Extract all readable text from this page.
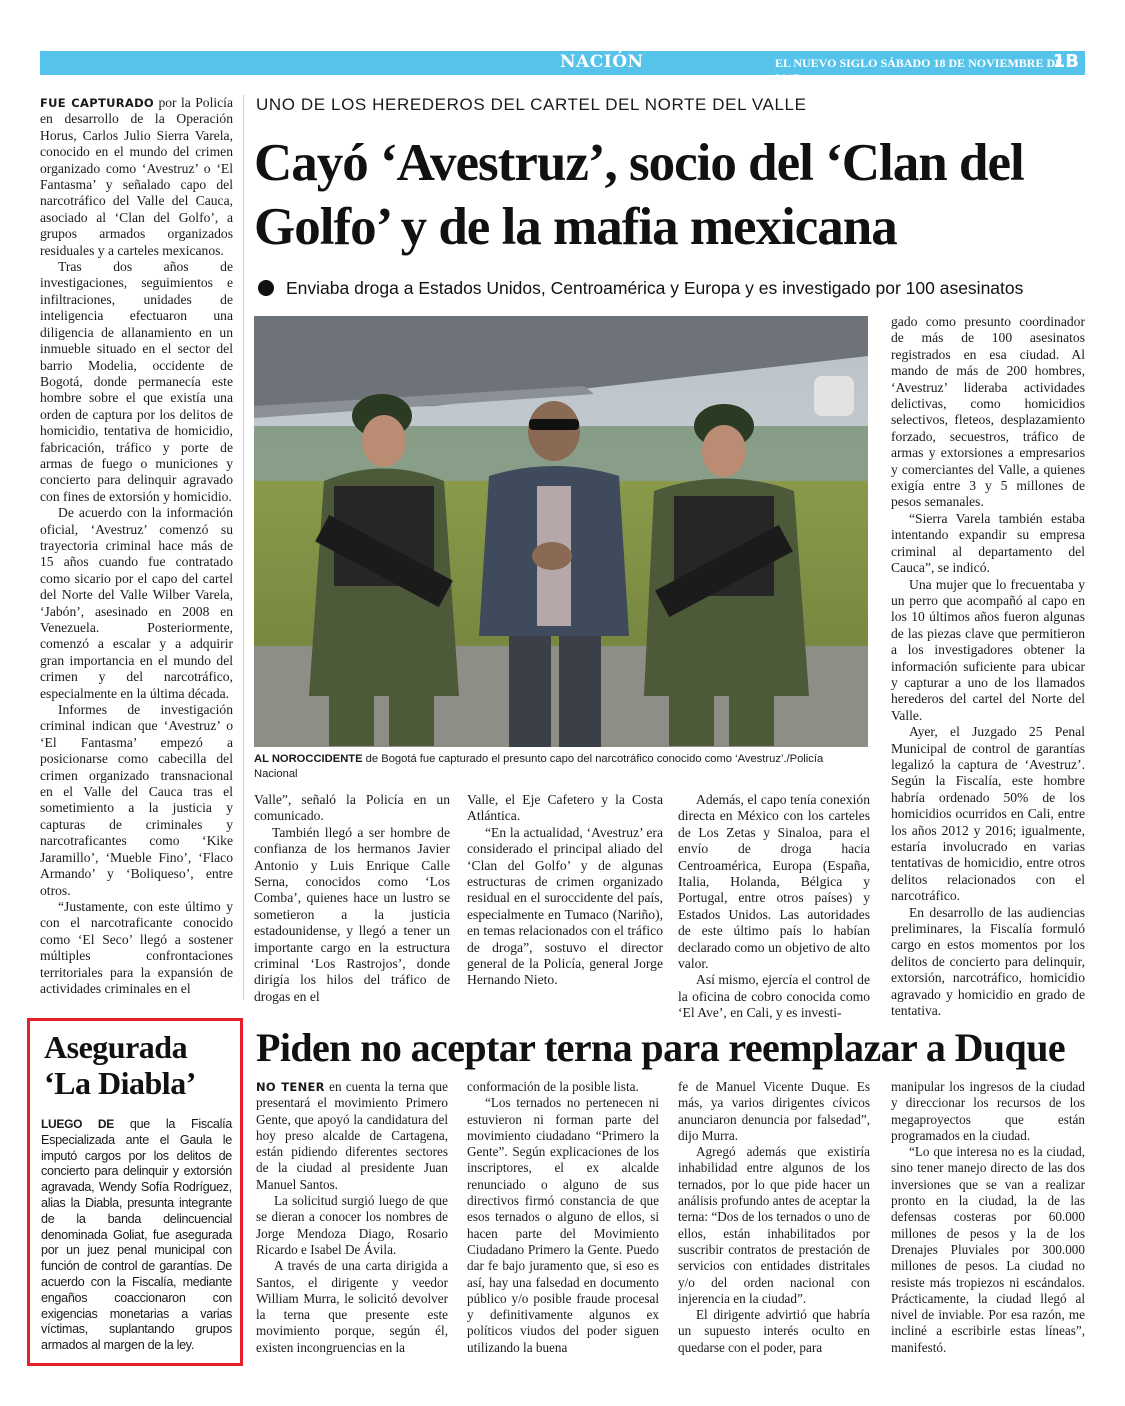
NACIÓN	EL NUEVO SIGLO SÁBADO 18 DE NOVIEMBRE DE 2017
1B

FUE CAPTURADO por la Policía en desarrollo de la Operación Horus, Carlos Julio Sierra Varela, conocido en el mundo del crimen organizado como ‘Avestruz’ o ‘El Fantasma’ y señalado capo del narcotráfico del Valle del Cauca, asociado al ‘Clan del Golfo’, a grupos armados organizados residuales y a carteles mexicanos.

Tras dos años de investigaciones, seguimientos e infiltraciones, unidades de inteligencia efectuaron una diligencia de allanamiento en un inmueble situado en el sector del barrio Modelia, occidente de Bogotá, donde permanecía este hombre sobre el que existía una orden de captura por los delitos de homicidio, tentativa de homicidio, fabricación, tráfico y porte de armas de fuego o municiones y concierto para delinquir agravado con fines de extorsión y homicidio.

De acuerdo con la información oficial, ‘Avestruz’ comenzó su trayectoria criminal hace más de 15 años cuando fue contratado como sicario por el capo del cartel del Norte del Valle Wilber Varela, ‘Jabón’, asesinado en 2008 en Venezuela. Posteriormente, comenzó a escalar y a adquirir gran importancia en el mundo del crimen y del narcotráfico, especialmente en la última década.

Informes de investigación criminal indican que ‘Avestruz’ o ‘El Fantasma’ empezó a posicionarse como cabecilla del crimen organizado transnacional en el Valle del Cauca tras el sometimiento a la justicia y capturas de criminales y narcotraficantes como ‘Kike Jaramillo’, ‘Mueble Fino’, ‘Flaco Armando’ y ‘Boliqueso’, entre otros.

“Justamente, con este último y con el narcotraficante conocido como ‘El Seco’ llegó a sostener múltiples confrontaciones territoriales para la expansión de actividades criminales en el

UNO DE LOS HEREDEROS DEL CARTEL DEL NORTE DEL VALLE
Cayó ‘Avestruz’, socio del ‘Clan del Golfo’ y de la mafia mexicana
Enviaba droga a Estados Unidos, Centroamérica y Europa y es investigado por 100 asesinatos
AL NOROCCIDENTE de Bogotá fue capturado el presunto capo del narcotráfico conocido como ‘Avestruz’./Policía Nacional

Valle”, señaló la Policía en un comunicado.

También llegó a ser hombre de confianza de los hermanos Javier Antonio y Luis Enrique Calle Serna, conocidos como ‘Los Comba’, quienes hace un lustro se sometieron a la justicia estadounidense, y llegó a tener un importante cargo en la estructura criminal ‘Los Rastrojos’, donde dirigía los hilos del tráfico de drogas en el

Valle, el Eje Cafetero y la Costa Atlántica.

“En la actualidad, ‘Avestruz’ era considerado el principal aliado del ‘Clan del Golfo’ y de algunas estructuras de crimen organizado residual en el suroccidente del país, especialmente en Tumaco (Nariño), en temas relacionados con el tráfico de droga”, sostuvo el director general de la Policía, general Jorge Hernando Nieto.

Además, el capo tenía conexión directa en México con los carteles de Los Zetas y Sinaloa, para el envío de droga hacia Centroamérica, Europa (España, Italia, Holanda, Bélgica y Portugal, entre otros países) y Estados Unidos. Las autoridades de este último país lo habían declarado como un objetivo de alto valor.

Así mismo, ejercía el control de la oficina de cobro conocida como ‘El Ave’, en Cali, y es investi-

gado como presunto coordinador de más de 100 asesinatos registrados en esa ciudad. Al mando de más de 200 hombres, ‘Avestruz’ lideraba actividades delictivas, como homicidios selectivos, fleteos, desplazamiento forzado, secuestros, tráfico de armas y extorsiones a empresarios y comerciantes del Valle, a quienes exigía entre 3 y 5 millones de pesos semanales.

“Sierra Varela también estaba intentando expandir su empresa criminal al departamento del Cauca”, se indicó.

Una mujer que lo frecuentaba y un perro que acompañó al capo en los 10 últimos años fueron algunas de las piezas clave que permitieron a los investigadores obtener la información suficiente para ubicar y capturar a uno de los llamados herederos del cartel del Norte del Valle.

Ayer, el Juzgado 25 Penal Municipal de control de garantías legalizó la captura de ‘Avestruz’. Según la Fiscalía, este hombre habría ordenado 50% de los homicidios ocurridos en Cali, entre los años 2012 y 2016; igualmente, estaría involucrado en varias tentativas de homicidio, entre otros delitos relacionados con el narcotráfico.

En desarrollo de las audiencias preliminares, la Fiscalía formuló cargo en estos momentos por los delitos de concierto para delinquir, extorsión, narcotráfico, homicidio agravado y homicidio en grado de tentativa.

Asegurada
‘La Diabla’
LUEGO DE que la Fiscalía Especializada ante el Gaula le imputó cargos por los delitos de concierto para delinquir y extorsión agravada, Wendy Sofía Rodríguez, alias la Diabla, presunta integrante de la banda delincuencial denominada Goliat, fue asegurada por un juez penal municipal con función de control de garantías. De acuerdo con la Fiscalía, mediante engaños coaccionaron con exigencias monetarias a varias víctimas, suplantando grupos armados al margen de la ley.
Piden no aceptar terna para reemplazar a Duque

NO TENER en cuenta la terna que presentará el movimiento Primero Gente, que apoyó la candidatura del hoy preso alcalde de Cartagena, están pidiendo diferentes sectores de la ciudad al presidente Juan Manuel Santos.

La solicitud surgió luego de que se dieran a conocer los nombres de Jorge Mendoza Diago, Rosario Ricardo e Isabel De Ávila.

A través de una carta dirigida a Santos, el dirigente y veedor William Murra, le solicitó devolver la terna que presente este movimiento porque, según él, existen incongruencias en la

conformación de la posible lista.

“Los ternados no pertenecen ni estuvieron ni forman parte del movimiento ciudadano “Primero la Gente”. Según explicaciones de los inscriptores, el ex alcalde renunciado o alguno de sus directivos firmó constancia de que esos ternados o alguno de ellos, si hacen parte del Movimiento Ciudadano Primero la Gente. Puedo dar fe bajo juramento que, si eso es así, hay una falsedad en documento público y/o posible fraude procesal y definitivamente algunos ex políticos viudos del poder siguen utilizando la buena

fe de Manuel Vicente Duque. Es más, ya varios dirigentes cívicos anunciaron denuncia por falsedad”, dijo Murra.

Agregó además que existiría inhabilidad entre algunos de los ternados, por lo que pide hacer un análisis profundo antes de aceptar la terna: “Dos de los ternados o uno de ellos, están inhabilitados por suscribir contratos de prestación de servicios con entidades distritales y/o del orden nacional con injerencia en la ciudad”.

El dirigente advirtió que habría un supuesto interés oculto en quedarse con el poder, para

manipular los ingresos de la ciudad y direccionar los recursos de los megaproyectos que están programados en la ciudad.

“Lo que interesa no es la ciudad, sino tener manejo directo de las dos inversiones que se van a realizar pronto en la ciudad, la de las defensas costeras por 60.000 millones de pesos y la de los Drenajes Pluviales por 300.000 millones de pesos. La ciudad no resiste más tropiezos ni escándalos. Prácticamente, la ciudad llegó al nivel de inviable. Por esa razón, me incliné a escribirle estas líneas”, manifestó.
